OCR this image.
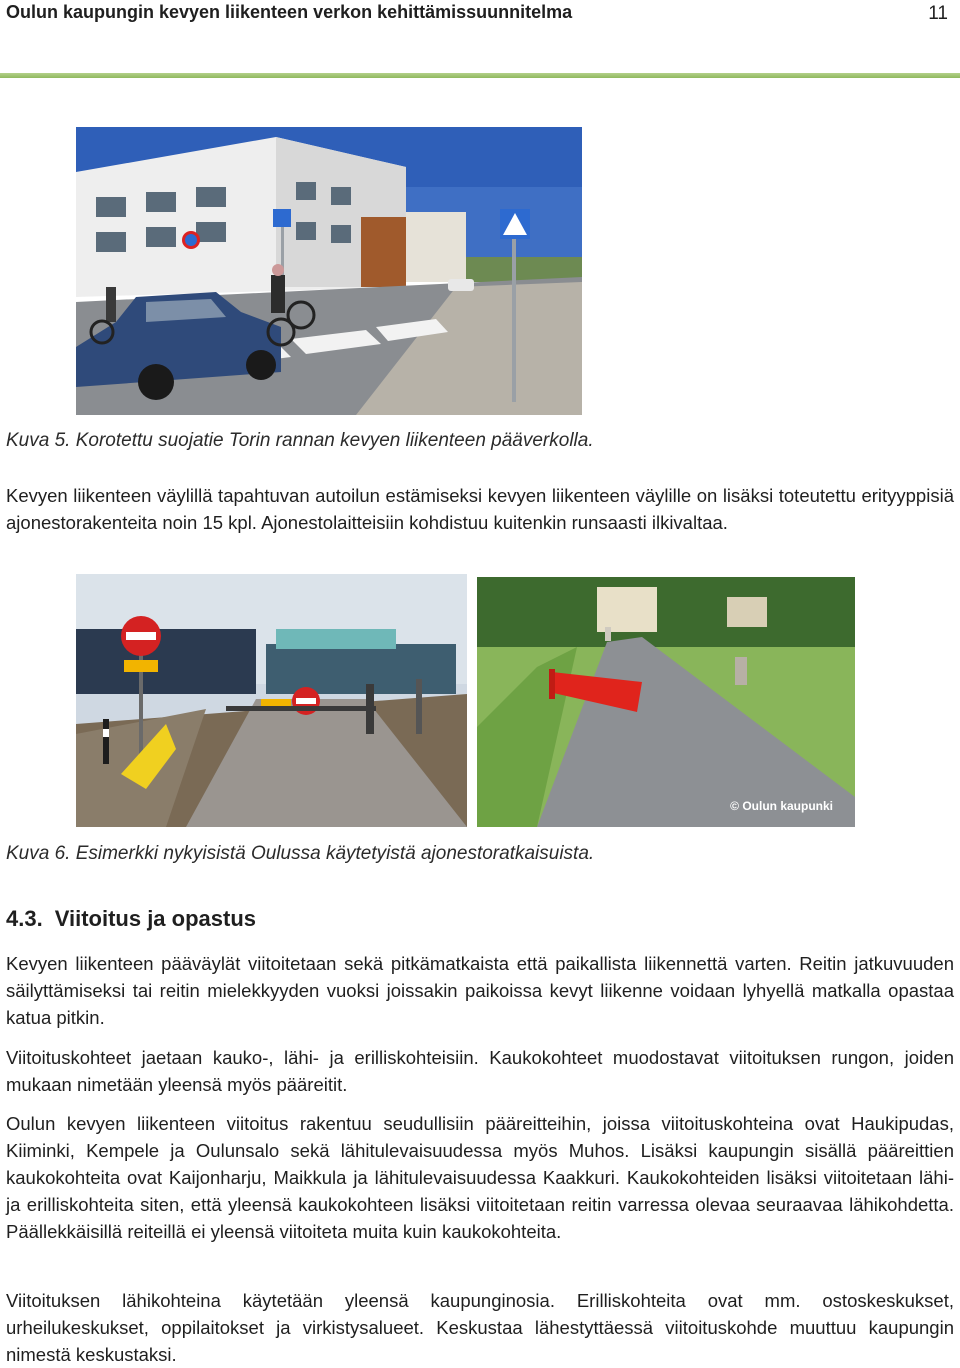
Oulun kaupungin kevyen liikenteen verkon kehittämissuunnitelma	11
Kuva 5. Korotettu suojatie Torin rannan kevyen liikenteen pääverkolla.

Kevyen liikenteen väylillä tapahtuvan autoilun estämiseksi kevyen liikenteen väylille on lisäksi toteutettu erityyppisiä ajonestorakenteita noin 15 kpl. Ajonestolaitteisiin kohdistuu kuitenkin runsaasti ilkivaltaa.

© Oulun kaupunki
Kuva 6. Esimerkki nykyisistä Oulussa käytetyistä ajonestoratkaisuista.
4.3. Viitoitus ja opastus

Kevyen liikenteen pääväylät viitoitetaan sekä pitkämatkaista että paikallista liikennettä varten. Reitin jatkuvuuden säilyttämiseksi tai reitin mielekkyyden vuoksi joissakin paikoissa kevyt liikenne voidaan lyhyellä matkalla opastaa katua pitkin.

Viitoituskohteet jaetaan kauko-, lähi- ja erilliskohteisiin. Kaukokohteet muodostavat viitoituksen rungon, joiden mukaan nimetään yleensä myös pääreitit.

Oulun kevyen liikenteen viitoitus rakentuu seudullisiin pääreitteihin, joissa viitoituskohteina ovat Haukipudas, Kiiminki, Kempele ja Oulunsalo sekä lähitulevaisuudessa myös Muhos. Lisäksi kaupungin sisällä pääreittien kaukokohteita ovat Kaijonharju, Maikkula ja lähitulevaisuudessa Kaakkuri. Kaukokohteiden lisäksi viitoitetaan lähi- ja erilliskohteita siten, että yleensä kaukokohteen lisäksi viitoitetaan reitin varressa olevaa seuraavaa lähikohdetta. Päällekkäisillä reiteillä ei yleensä viitoiteta muita kuin kaukokohteita.

Viitoituksen lähikohteina käytetään yleensä kaupunginosia. Erilliskohteita ovat mm. ostoskeskukset, urheilukeskukset, oppilaitokset ja virkistysalueet. Keskustaa lähestyttäessä viitoituskohde muuttuu kaupungin nimestä keskustaksi.
